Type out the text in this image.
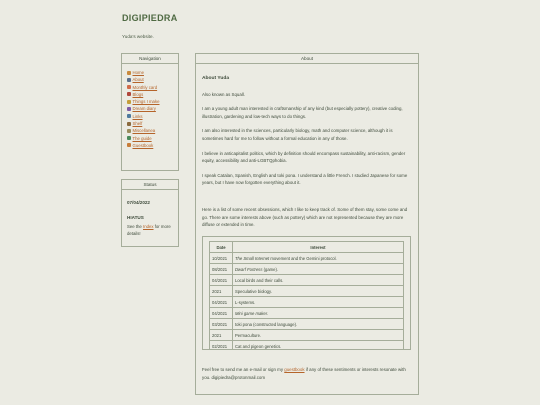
DIGIPIEDRA
Yuda's website.
Navigation
Home
About
Monthly card
Blogs
Things I make
Dream diary
Links
Shelf
Miscellanea
The guide
Guestbook
Status
07/04/2022
HIATUS
See the Index for more details!
About
About Yuda

Also known as Squall.

I am a young adult man interested in craftsmanship of any kind (but especially pottery), creative coding, illustration, gardening and low-tech ways to do things.

I am also interested in the sciences, particularly biology, math and computer science, although it is sometimes hard for me to follow without a formal education in any of those.

I believe in anticapitalist politics, which by definition should encompass sustainability, anti-racism, gender equity, accessibility and anti-LGBTQphobia.

I speak Catalan, Spanish, English and toki pona. I understand a little French. I studied Japanese for some years, but I have now forgotten everything about it.

Here is a list of some recent obsessions, which I like to keep track of. Some of them stay, some come and go. There are some interests above (such as pottery) which are not represented because they are more diffuse or extended in time.

Date	Interest
10/2021	The Small Internet movement and the Gemini protocol.
08/2021	Dwarf Fortress (game).
04/2021	Local birds and their calls.
2021	Speculative biology.
04/2021	L-systems.
04/2021	Mini game maker.
03/2021	toki pona (constructed language).
2021	Permaculture.
02/2021	Cat and pigeon genetics.
Feel free to send me an e-mail or sign my guestbook if any of these sentiments or interests resonate with you. digipiedra@protonmail.com
